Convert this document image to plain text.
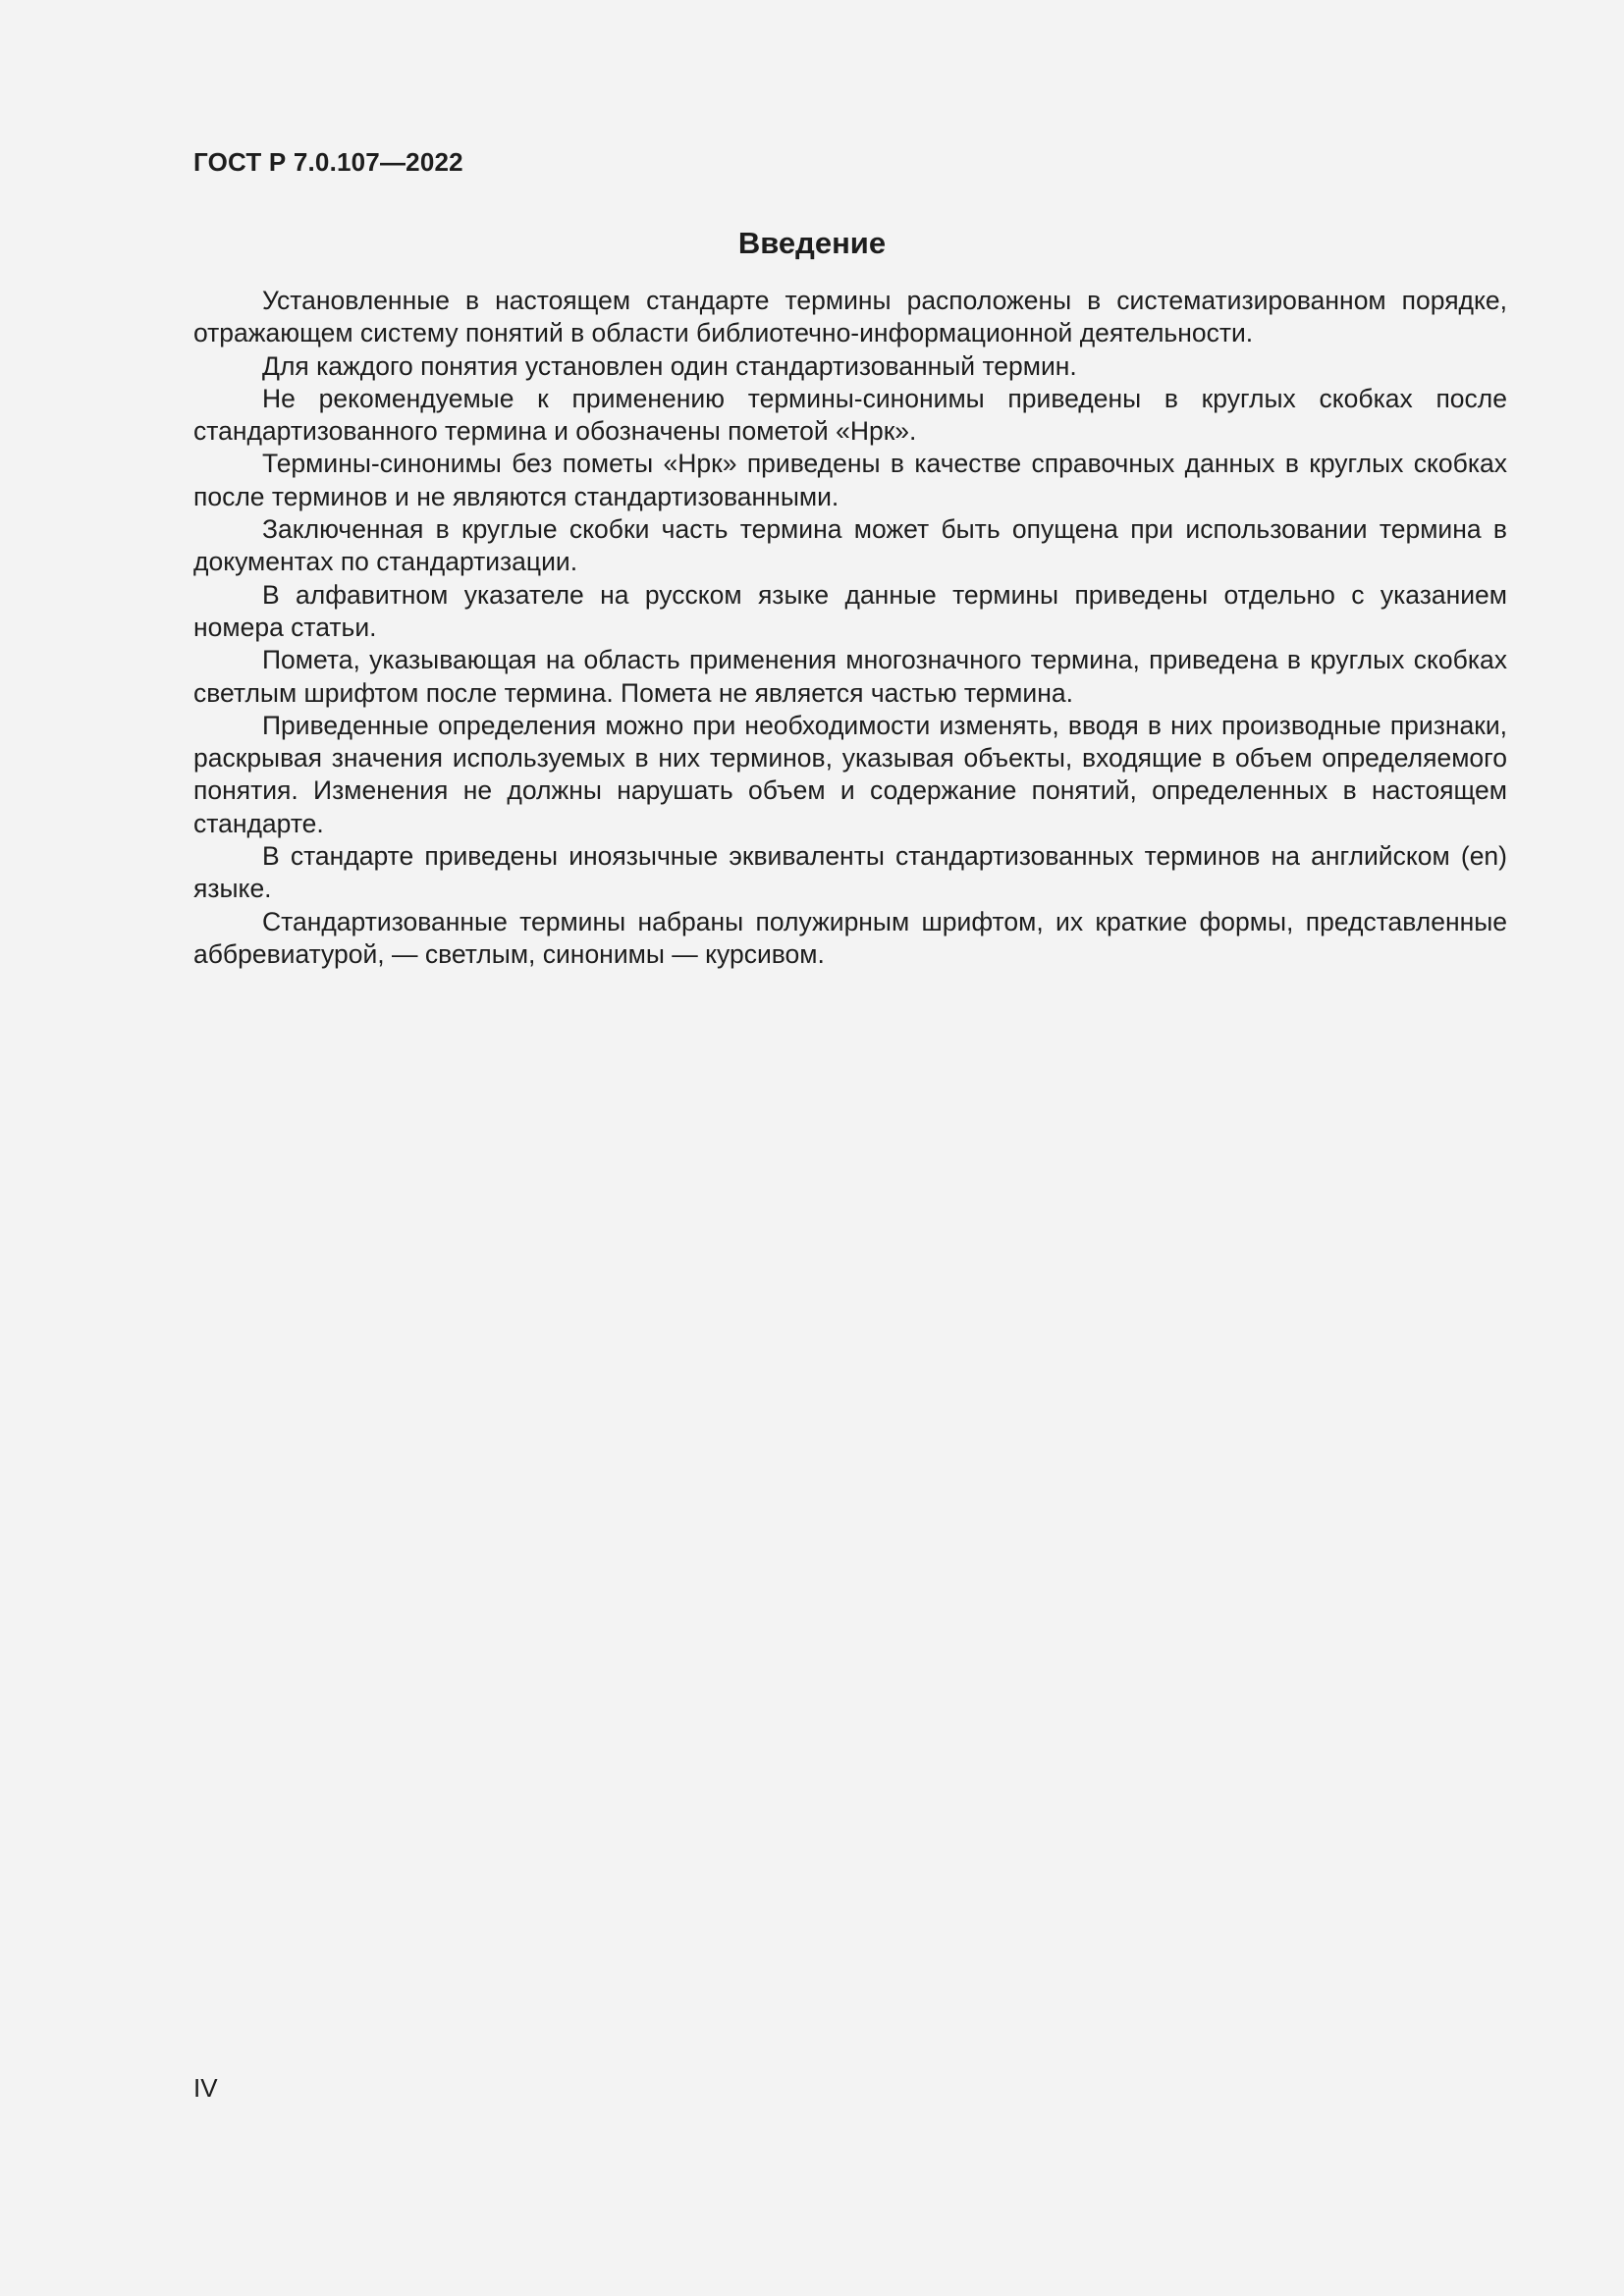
ГОСТ Р 7.0.107—2022
Введение

Установленные в настоящем стандарте термины расположены в систематизированном порядке, отражающем систему понятий в области библиотечно-информационной деятельности.

Для каждого понятия установлен один стандартизованный термин.

Не рекомендуемые к применению термины-синонимы приведены в круглых скобках после стандартизованного термина и обозначены пометой «Нрк».

Термины-синонимы без пометы «Нрк» приведены в качестве справочных данных в круглых скобках после терминов и не являются стандартизованными.

Заключенная в круглые скобки часть термина может быть опущена при использовании термина в документах по стандартизации.

В алфавитном указателе на русском языке данные термины приведены отдельно с указанием номера статьи.

Помета, указывающая на область применения многозначного термина, приведена в круглых скобках светлым шрифтом после термина. Помета не является частью термина.

Приведенные определения можно при необходимости изменять, вводя в них производные признаки, раскрывая значения используемых в них терминов, указывая объекты, входящие в объем определяемого понятия. Изменения не должны нарушать объем и содержание понятий, определенных в настоящем стандарте.

В стандарте приведены иноязычные эквиваленты стандартизованных терминов на английском (en) языке.

Стандартизованные термины набраны полужирным шрифтом, их краткие формы, представленные аббревиатурой, — светлым, синонимы — курсивом.

IV
